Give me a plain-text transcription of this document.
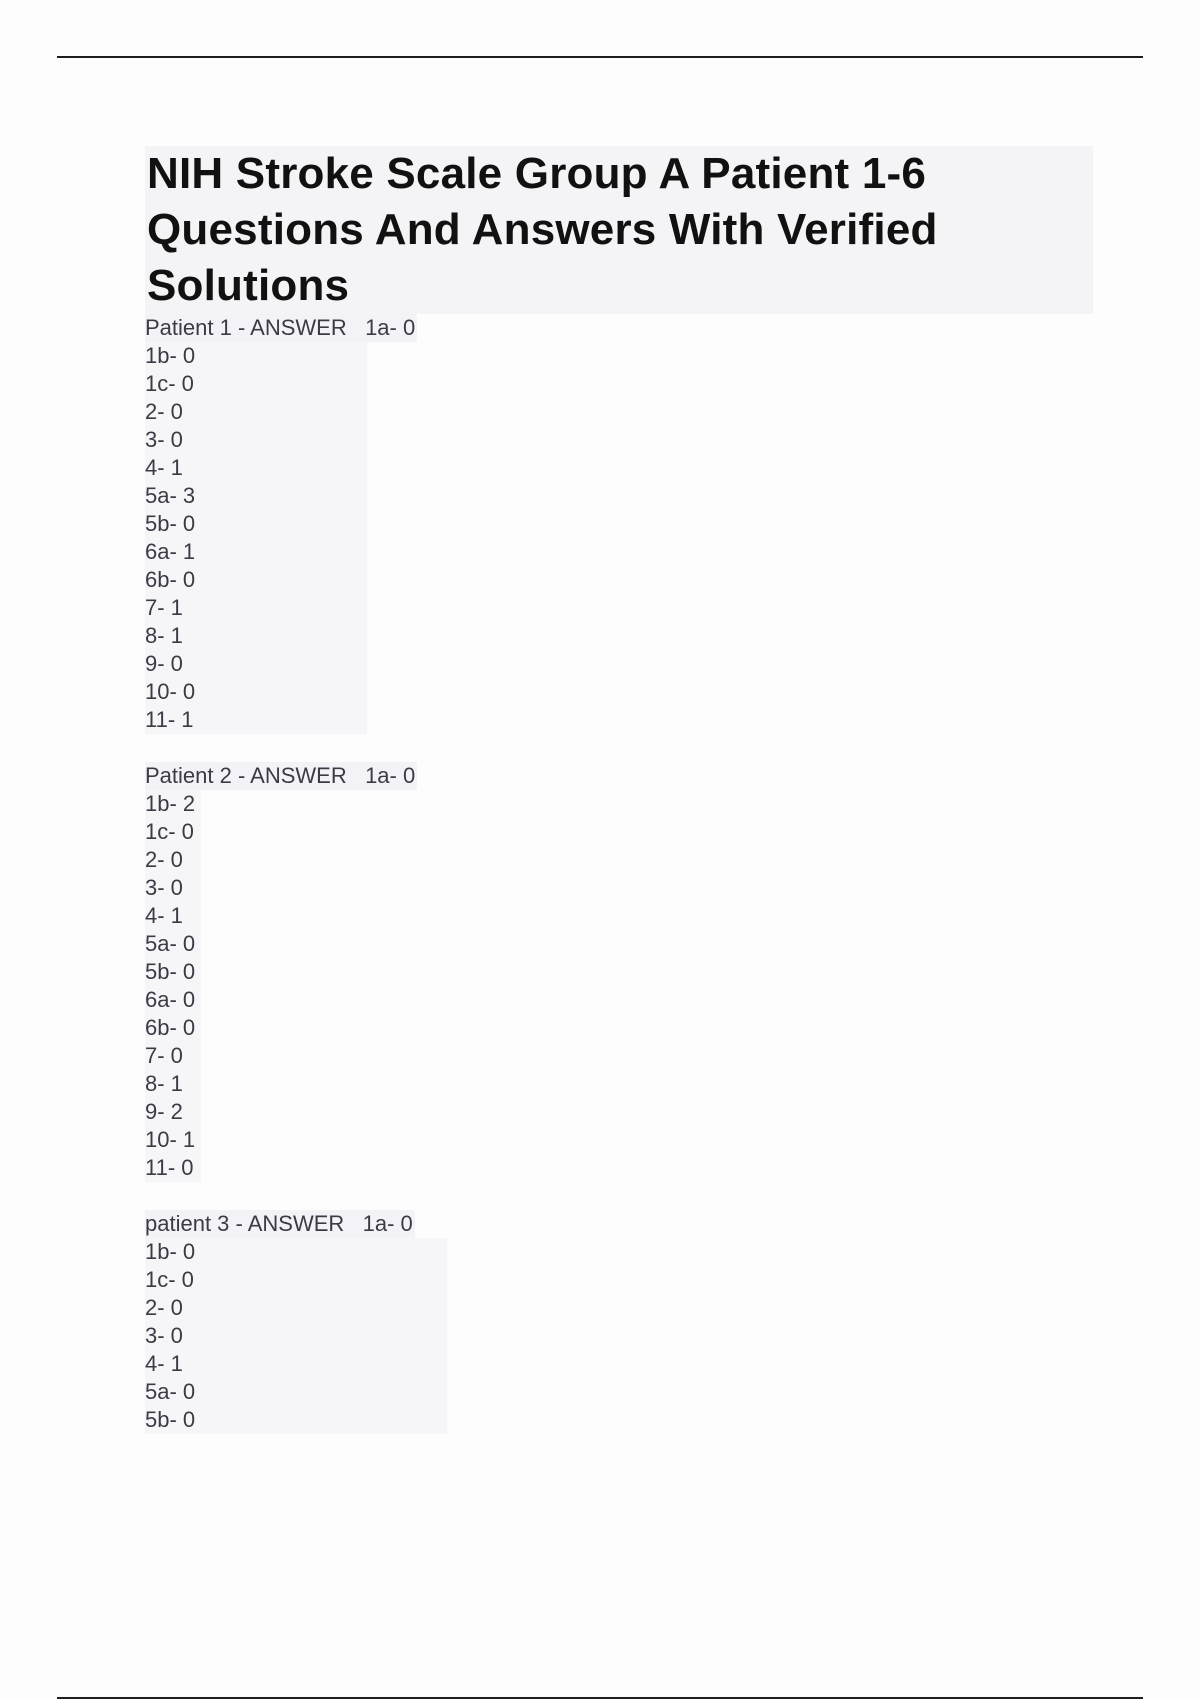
NIH Stroke Scale Group A Patient 1-6 Questions And Answers With Verified Solutions
Patient 1 - ANSWER   1a- 0

1b- 0
1c- 0
2- 0
3- 0
4- 1
5a- 3
5b- 0
6a- 1
6b- 0
7- 1
8- 1
9- 0
10- 0
11- 1
Patient 2 - ANSWER   1a- 0

1b- 2
1c- 0
2- 0
3- 0
4- 1
5a- 0
5b- 0
6a- 0
6b- 0
7- 0
8- 1
9- 2
10- 1
11- 0
patient 3 - ANSWER   1a- 0

1b- 0
1c- 0
2- 0
3- 0
4- 1
5a- 0
5b- 0
